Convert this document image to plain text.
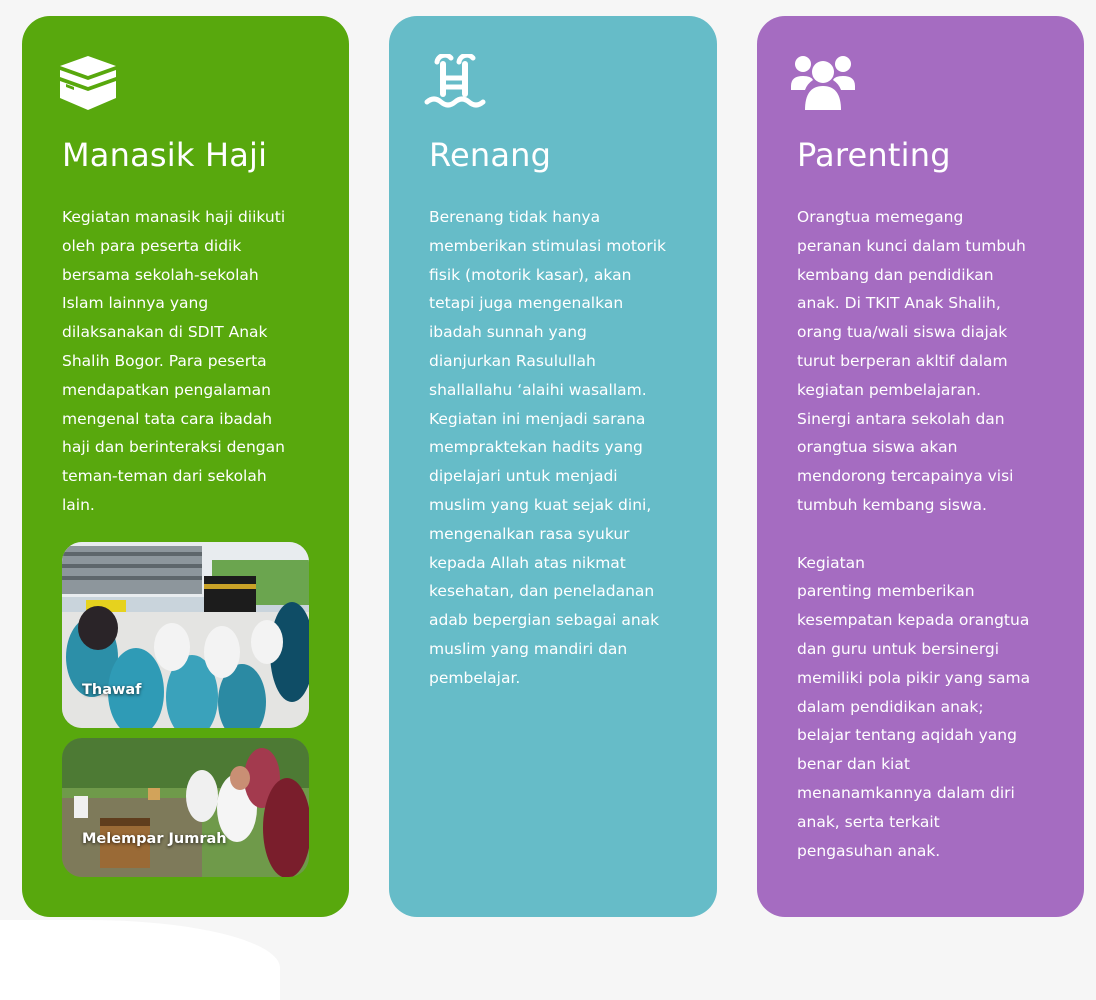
Manasik Haji

Kegiatan manasik haji diikuti
oleh para peserta didik
bersama sekolah-sekolah
Islam lainnya yang
dilaksanakan di SDIT Anak
Shalih Bogor. Para peserta
mendapatkan pengalaman
mengenal tata cara ibadah
haji dan berinteraksi dengan
teman-teman dari sekolah
lain.

Thawaf
Melempar Jumrah
Renang

Berenang tidak hanya
memberikan stimulasi motorik
fisik (motorik kasar), akan
tetapi juga mengenalkan
ibadah sunnah yang
dianjurkan Rasulullah
shallallahu ‘alaihi wasallam.
Kegiatan ini menjadi sarana
mempraktekan hadits yang
dipelajari untuk menjadi
muslim yang kuat sejak dini,
mengenalkan rasa syukur
kepada Allah atas nikmat
kesehatan, dan peneladanan
adab bepergian sebagai anak
muslim yang mandiri dan
pembelajar.

Parenting

Orangtua memegang
peranan kunci dalam tumbuh
kembang dan pendidikan
anak. Di TKIT Anak Shalih,
orang tua/wali siswa diajak
turut berperan akltif dalam
kegiatan pembelajaran.
Sinergi antara sekolah dan
orangtua siswa akan
mendorong tercapainya visi
tumbuh kembang siswa.

Kegiatan
parenting memberikan
kesempatan kepada orangtua
dan guru untuk bersinergi
memiliki pola pikir yang sama
dalam pendidikan anak;
belajar tentang aqidah yang
benar dan kiat
menanamkannya dalam diri
anak, serta terkait
pengasuhan anak.
